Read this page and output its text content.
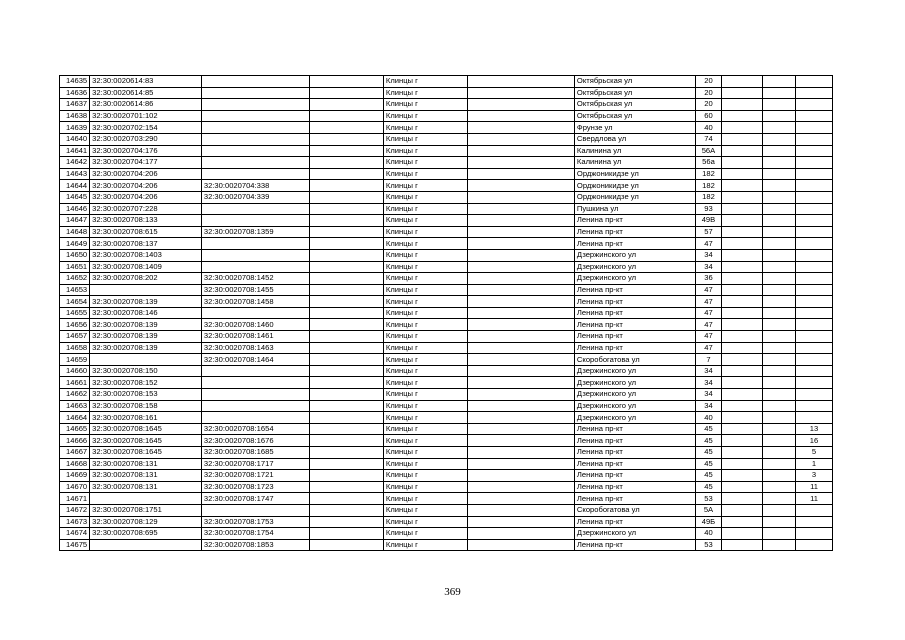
14635	32:30:0020614:83			Клинцы г		Октябрьская ул	20			
14636	32:30:0020614:85			Клинцы г		Октябрьская ул	20			
14637	32:30:0020614:86			Клинцы г		Октябрьская ул	20			
14638	32:30:0020701:102			Клинцы г		Октябрьская ул	60			
14639	32:30:0020702:154			Клинцы г		Фрунзе ул	40			
14640	32:30:0020703:290			Клинцы г		Свердлова ул	74			
14641	32:30:0020704:176			Клинцы г		Калинина ул	56А			
14642	32:30:0020704:177			Клинцы г		Калинина ул	56а			
14643	32:30:0020704:206			Клинцы г		Орджоникидзе ул	182			
14644	32:30:0020704:206	32:30:0020704:338		Клинцы г		Орджоникидзе ул	182			
14645	32:30:0020704:206	32:30:0020704:339		Клинцы г		Орджоникидзе ул	182			
14646	32:30:0020707:228			Клинцы г		Пушкина ул	93			
14647	32:30:0020708:133			Клинцы г		Ленина пр-кт	49В			
14648	32:30:0020708:615	32:30:0020708:1359		Клинцы г		Ленина пр-кт	57			
14649	32:30:0020708:137			Клинцы г		Ленина пр-кт	47			
14650	32:30:0020708:1403			Клинцы г		Дзержинского ул	34			
14651	32:30:0020708:1409			Клинцы г		Дзержинского ул	34			
14652	32:30:0020708:202	32:30:0020708:1452		Клинцы г		Дзержинского ул	36			
14653		32:30:0020708:1455		Клинцы г		Ленина пр-кт	47			
14654	32:30:0020708:139	32:30:0020708:1458		Клинцы г		Ленина пр-кт	47			
14655	32:30:0020708:146			Клинцы г		Ленина пр-кт	47			
14656	32:30:0020708:139	32:30:0020708:1460		Клинцы г		Ленина пр-кт	47			
14657	32:30:0020708:139	32:30:0020708:1461		Клинцы г		Ленина пр-кт	47			
14658	32:30:0020708:139	32:30:0020708:1463		Клинцы г		Ленина пр-кт	47			
14659		32:30:0020708:1464		Клинцы г		Скоробогатова ул	7			
14660	32:30:0020708:150			Клинцы г		Дзержинского ул	34			
14661	32:30:0020708:152			Клинцы г		Дзержинского ул	34			
14662	32:30:0020708:153			Клинцы г		Дзержинского ул	34			
14663	32:30:0020708:158			Клинцы г		Дзержинского ул	34			
14664	32:30:0020708:161			Клинцы г		Дзержинского ул	40			
14665	32:30:0020708:1645	32:30:0020708:1654		Клинцы г		Ленина пр-кт	45			13
14666	32:30:0020708:1645	32:30:0020708:1676		Клинцы г		Ленина пр-кт	45			16
14667	32:30:0020708:1645	32:30:0020708:1685		Клинцы г		Ленина пр-кт	45			5
14668	32:30:0020708:131	32:30:0020708:1717		Клинцы г		Ленина пр-кт	45			1
14669	32:30:0020708:131	32:30:0020708:1721		Клинцы г		Ленина пр-кт	45			3
14670	32:30:0020708:131	32:30:0020708:1723		Клинцы г		Ленина пр-кт	45			11
14671		32:30:0020708:1747		Клинцы г		Ленина пр-кт	53			11
14672	32:30:0020708:1751			Клинцы г		Скоробогатова ул	5А			
14673	32:30:0020708:129	32:30:0020708:1753		Клинцы г		Ленина пр-кт	49Б			
14674	32:30:0020708:695	32:30:0020708:1754		Клинцы г		Дзержинского ул	40			
14675		32:30:0020708:1853		Клинцы г		Ленина пр-кт	53			
369
